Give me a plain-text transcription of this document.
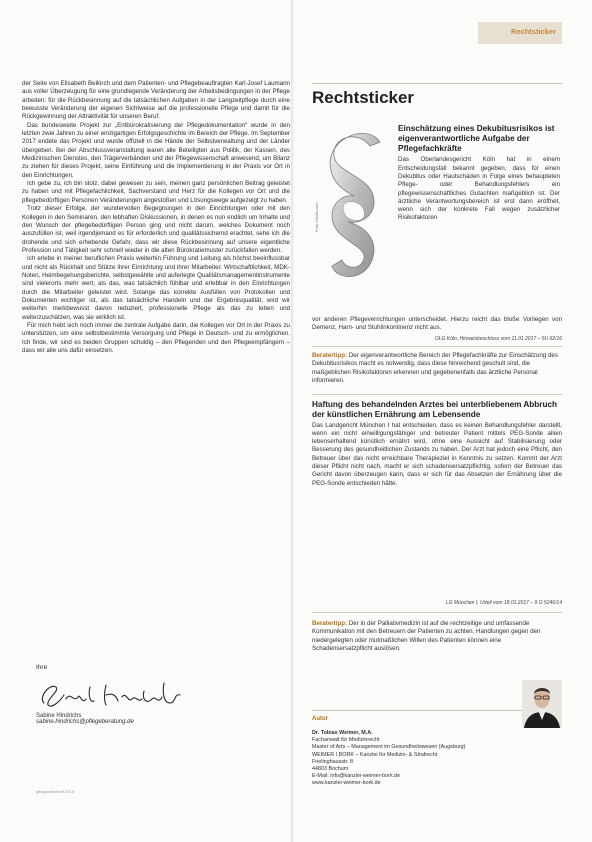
der Seite von Elisabeth Beikirch und dem Patienten- und Pflegebeauftragten Karl-Josef Laumann aus voller Überzeugung für eine grundlegende Veränderung der Arbeitsbedingungen in der Pflege arbeiten: für die Rückbesinnung auf die tatsächlichen Aufgaben in der Langzeitpflege durch eine bewusste Veränderung der eigenen Sichtweise auf die professionelle Pflege und damit für die Rückgewinnung der Attraktivität für unseren Beruf.

Das bundesweite Projekt zur „Entbürokratisierung der Pflegedokumentation“ wurde in den letzten zwei Jahren zu einer einzigartigen Erfolgsgeschichte im Bereich der Pflege. Im September 2017 endete das Projekt und wurde offiziell in die Hände der Selbstverwaltung und der Länder übergeben. Bei der Abschlussveranstaltung waren alle Beteiligten aus Politik, der Kassen, des Medizinischen Dienstes, den Trägerverbänden und der Pflegewissenschaft anwesend, um Bilanz zu ziehen für dieses Projekt, seine Einführung und die Implementierung in der Praxis vor Ort in den Einrichtungen.

Ich gebe zu, ich bin stolz, dabei gewesen zu sein, meinen ganz persönlichen Beitrag geleistet zu haben und mit Pflegefachlichkeit, Sachverstand und Herz für die Kollegen vor Ort und die pflegebedürftigen Personen Veränderungen angestoßen und Lösungswege aufgezeigt zu haben.

Trotz dieser Erfolge, der wundervollen Begegnungen in den Einrichtungen oder mit den Kollegen in den Seminaren, den lebhaften Diskussionen, in denen es nun endlich um Inhalte und den Wunsch der pflegebedürftigen Person ging und nicht darum, welches Dokument noch auszufüllen ist, weil irgendjemand es für erforderlich und qualitätssichernd erachtet, sehe ich die drohende und sich erhebende Gefahr, dass wir diese Rückbesinnung auf unsere eigentliche Profession und Tätigkeit sehr schnell wieder in die alten Bürokratiemuster zurückfallen werden.

Ich erlebe in meiner beruflichen Praxis weiterhin Führung und Leitung als höchst beeinflussbar und nicht als Rückhalt und Stütze ihrer Einrichtung und ihrer Mitarbeiter. Wirtschaftlichkeit, MDK-Noten, Heimbegehungsberichte, selbstgewählte und auferlegte Qualitätsmanagementinstrumente sind vielerorts mehr wert, als das, was tatsächlich fühlbar und erlebbar in den Einrichtungen durch die Mitarbeiter geleistet wird. Solange das korrekte Ausfüllen von Protokollen und Dokumenten wichtiger ist, als das tatsächliche Handeln und der Ergebnisqualität, wird wir weiterhin merkbewusst davon reduziert, professionelle Pflege als das zu leben und weiterzuschätzen, was sie wirklich ist.

Für mich hebt sich noch immer die zentrale Aufgabe darin, die Kollegen vor Ort in der Praxis zu unterstützen, um eine selbstbestimmte Versorgung und Pflege in Deutsch- und zu ermöglichen. Ich finde, wir sind es beiden Gruppen schuldig – den Pflegenden und den Pflegeempfängern – dass wir alle uns dafür einsetzen.

Ihre
Sabine Hindrichs
sabine.hindrichs@pflegeberatung.de
pflegezeitschrift 2018
Rechtsticker
Rechtsticker
Foto: fotolia.com
Einschätzung eines Dekubitusrisikos ist eigenverantwortliche Aufgabe der Pflegefachkräfte
Das Oberlandesgericht Köln hat in einem Entscheidungsfall bekannt gegeben, dass für einen Dekubitus oder Hautschäden in Folge eines behaupteten Pflege- oder Behandlungsfehlers ein pflegewissenschaftliches Gutachten maßgeblich ist. Der ärztliche Verantwortungsbereich ist erst dann eröffnet, wenn sich der konkrete Fall wegen zusätzlicher Risikofaktoren
vor anderen Pflegeverrichtungen unterscheidet. Hierzu reicht das bloße Vorliegen von Demenz, Harn- und Stuhlinkontinenz nicht aus.
OLG Köln, Hinweisbeschluss vom 11.01.2017 – 5U 62/16
Beratertipp: Der eigenverantwortliche Bereich der Pflegefachkräfte zur Einschätzung des Dekubitusrisikos macht es notwendig, dass diese hinreichend geschult sind, die maßgeblichen Risikofaktoren erkennen und gegebenenfalls das ärztliche Personal informieren.
Haftung des behandelnden Arztes bei unterbliebenem Abbruch der künstlichen Ernährung am Lebensende
Das Landgericht München I hat entschieden, dass es keinen Behandlungsfehler darstellt, wenn ein nicht einwilligungsfähiger und betreuter Patient mittels PEG-Sonde allein lebenserhaltend künstlich ernährt wird, ohne eine Aussicht auf Stabilisierung oder Besserung des gesundheitlichen Zustands zu haben. Der Arzt hat jedoch eine Pflicht, den Betreuer über das nicht erreichbare Therapieziel in Kenntnis zu setzen. Kommt der Arzt dieser Pflicht nicht nach, macht er sich schadensersatzpflichtig, sofern der Betreuer das Gericht davon überzeugen kann, dass er sich für das Absetzen der Ernährung über die PEG-Sonde entschieden hätte.
LG München I, Urteil vom 18.01.2017 – 9 O 5246/14
Beratertipp: Der in der Palliativmedizin ist auf die rechtzeitige und umfassende Kommunikation mit den Betreuern der Patienten zu achten. Handlungen gegen den niedergelegten oder mutmaßlichen Willen des Patienten können eine Schadensersatzpflicht auslösen.
Autor
Dr. Tobias Weimer, M.A.
Fachanwalt für Medizinrecht
Master of Arts – Management im Gesundheitswesen (Augsburg)
WEIMER I BORK – Kanzlei für Medizin- & Strafrecht
Frielinghausstr. 8
44803 Bochum
E-Mail: info@kanzlei-weimer-bork.de
www.kanzlei-weimer-bork.de
